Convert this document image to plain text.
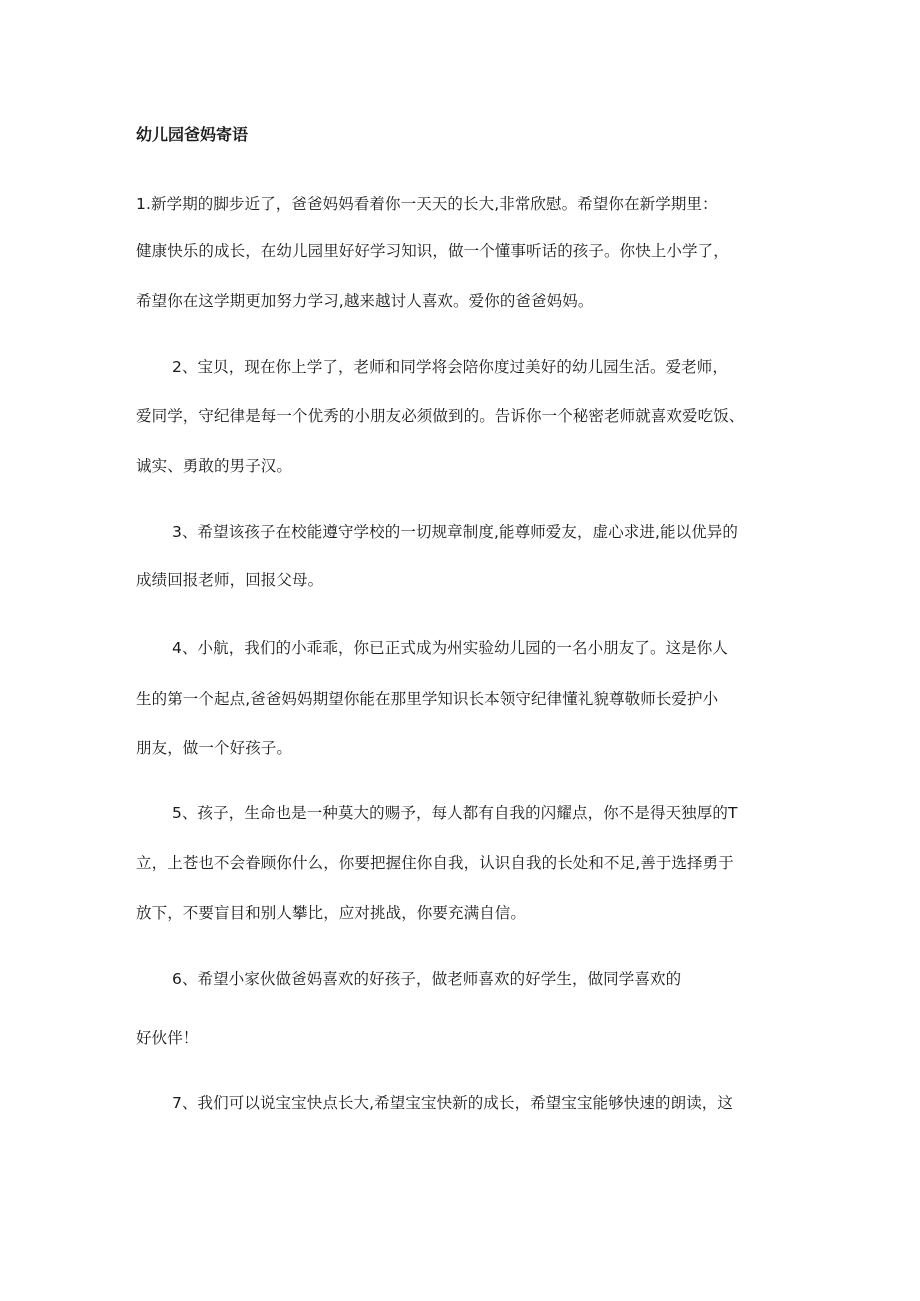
幼儿园爸妈寄语
1.新学期的脚步近了，爸爸妈妈看着你一天天的长大,非常欣慰。希望你在新学期里：
健康快乐的成长，在幼儿园里好好学习知识，做一个懂事听话的孩子。你快上小学了，
希望你在这学期更加努力学习,越来越讨人喜欢。爱你的爸爸妈妈。
2、宝贝，现在你上学了，老师和同学将会陪你度过美好的幼儿园生活。爱老师，
爱同学，守纪律是每一个优秀的小朋友必须做到的。告诉你一个秘密老师就喜欢爱吃饭、
诚实、勇敢的男子汉。
3、希望该孩子在校能遵守学校的一切规章制度,能尊师爱友，虚心求进,能以优异的
成绩回报老师，回报父母。
4、小航，我们的小乖乖，你已正式成为州实验幼儿园的一名小朋友了。这是你人
生的第一个起点,爸爸妈妈期望你能在那里学知识长本领守纪律懂礼貌尊敬师长爱护小
朋友，做一个好孩子。
5、孩子，生命也是一种莫大的赐予，每人都有自我的闪耀点，你不是得天独厚的T
立，上苍也不会眷顾你什么，你要把握住你自我，认识自我的长处和不足,善于选择勇于
放下，不要盲目和别人攀比，应对挑战，你要充满自信。
6、希望小家伙做爸妈喜欢的好孩子，做老师喜欢的好学生，做同学喜欢的
好伙伴！
7、我们可以说宝宝快点长大,希望宝宝快新的成长，希望宝宝能够快速的朗读，这
